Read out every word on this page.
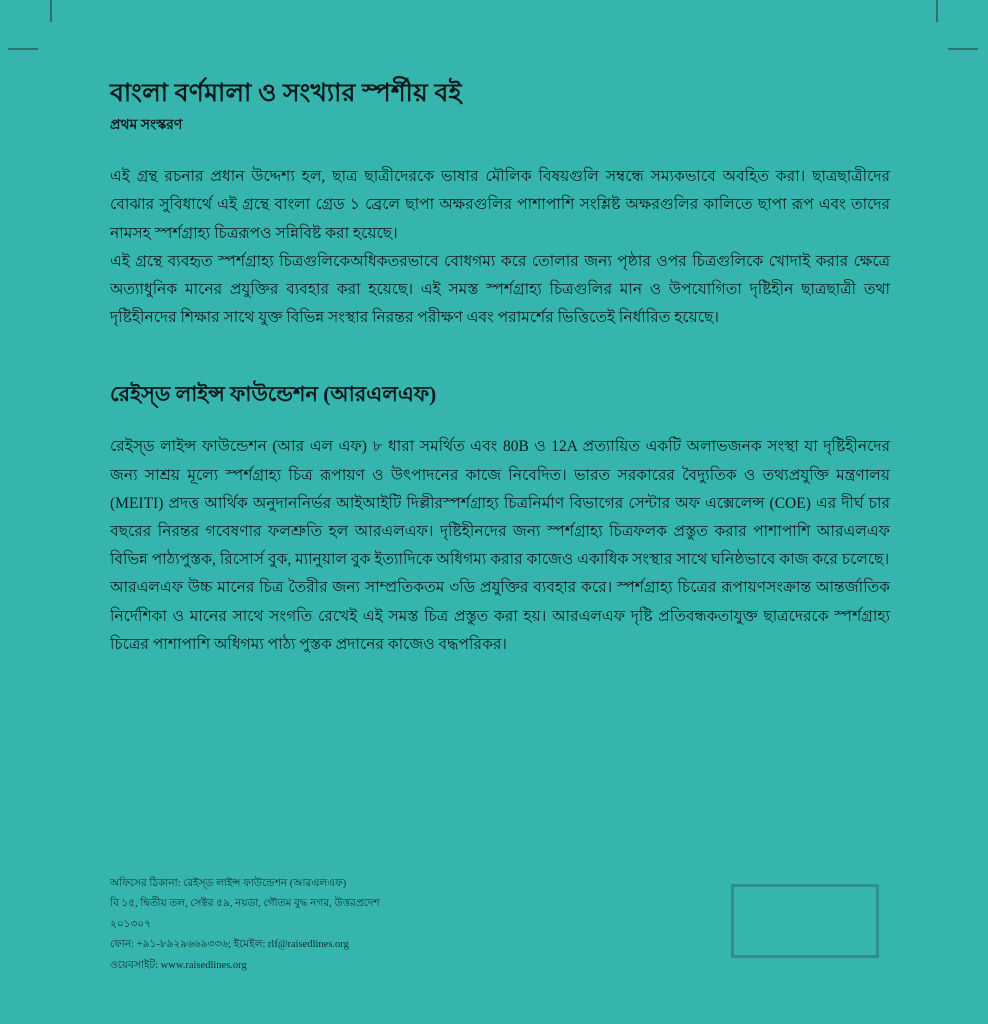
বাংলা বর্ণমালা ও সংখ্যার স্পর্শীয় বই
প্রথম সংস্করণ

এই গ্রন্থ রচনার প্রধান উদ্দেশ্য হল, ছাত্র ছাত্রীদেরকে ভাষার মৌলিক বিষয়গুলি সম্বন্ধে সম্যকভাবে অবহিত করা। ছাত্রছাত্রীদের বোঝার সুবিধার্থে এই গ্রন্থে বাংলা গ্রেড ১ ব্রেলে ছাপা অক্ষরগুলির পাশাপাশি সংশ্লিষ্ট অক্ষরগুলির কালিতে ছাপা রূপ এবং তাদের নামসহ স্পর্শগ্রাহ্য চিত্ররূপও সন্নিবিষ্ট করা হয়েছে।

এই গ্রন্থে ব্যবহৃত স্পর্শগ্রাহ্য চিত্রগুলিকেঅধিকতরভাবে বোধগম্য করে তোলার জন্য পৃষ্ঠার ওপর চিত্রগুলিকে খোদাই করার ক্ষেত্রে অত্যাধুনিক মানের প্রযুক্তির ব্যবহার করা হয়েছে। এই সমস্ত স্পর্শগ্রাহ্য চিত্রগুলির মান ও উপযোগিতা দৃষ্টিহীন ছাত্রছাত্রী তথা দৃষ্টিহীনদের শিক্ষার সাথে যুক্ত বিভিন্ন সংস্থার নিরন্তর পরীক্ষণ এবং পরামর্শের ভিত্তিতেই নির্ধারিত হয়েছে।

রেইস্ড লাইন্স ফাউন্ডেশন (আরএলএফ)

রেইস্ড লাইন্স ফাউন্ডেশন (আর এল এফ) ৮ ধারা সমর্থিত এবং 80B ও 12A প্রত্যায়িত একটি অলাভজনক সংস্থা যা দৃষ্টিহীনদের জন্য সাশ্রয় মূল্যে স্পর্শগ্রাহ্য চিত্র রূপায়ণ ও উৎপাদনের কাজে নিবেদিত। ভারত সরকারের বৈদ্যুতিক ও তথ্যপ্রযুক্তি মন্ত্রণালয় (MEITI) প্রদত্ত আর্থিক অনুদাননির্ভর আইআইটি দিল্লীরস্পর্শগ্রাহ্য চিত্রনির্মাণ বিভাগের সেন্টার অফ এক্সেলেন্স (COE) এর দীর্ঘ চার বছরের নিরন্তর গবেষণার ফলশ্রুতি হল আরএলএফ। দৃষ্টিহীনদের জন্য স্পর্শগ্রাহ্য চিত্রফলক প্রস্তুত করার পাশাপাশি আরএলএফ বিভিন্ন পাঠ্যপুস্তক, রিসোর্স বুক, ম্যানুয়াল বুক ইত্যাদিকে অধিগম্য করার কাজেও একাধিক সংস্থার সাথে ঘনিষ্ঠভাবে কাজ করে চলেছে।

আরএলএফ উচ্চ মানের চিত্র তৈরীর জন্য সাম্প্রতিকতম ৩ডি প্রযুক্তির ব্যবহার করে। স্পর্শগ্রাহ্য চিত্রের রূপায়ণসংক্রান্ত আন্তর্জাতিক নির্দেশিকা ও মানের সাথে সংগতি রেখেই এই সমস্ত চিত্র প্রস্তুত করা হয়। আরএলএফ দৃষ্টি প্রতিবন্ধকতাযুক্ত ছাত্রদেরকে স্পর্শগ্রাহ্য চিত্রের পাশাপাশি অধিগম্য পাঠ্য পুস্তক প্রদানের কাজেও বদ্ধপরিকর।

অফিসের ঠিকানা: রেইস্ড লাইন্স ফাউন্ডেশন (আরএলএফ)

বি ১৫, দ্বিতীয় তল, সেক্টর ৫৯, নয়ডা, গৌতম বুদ্ধ নগর, উত্তরপ্রদেশ

২০১৩০৭

ফোন: +৯১-৮৯২৯৬৬৯৩৩৬; ইমেইল: rlf@raisedlines.org

ওয়েবসাইট: www.raisedlines.org
